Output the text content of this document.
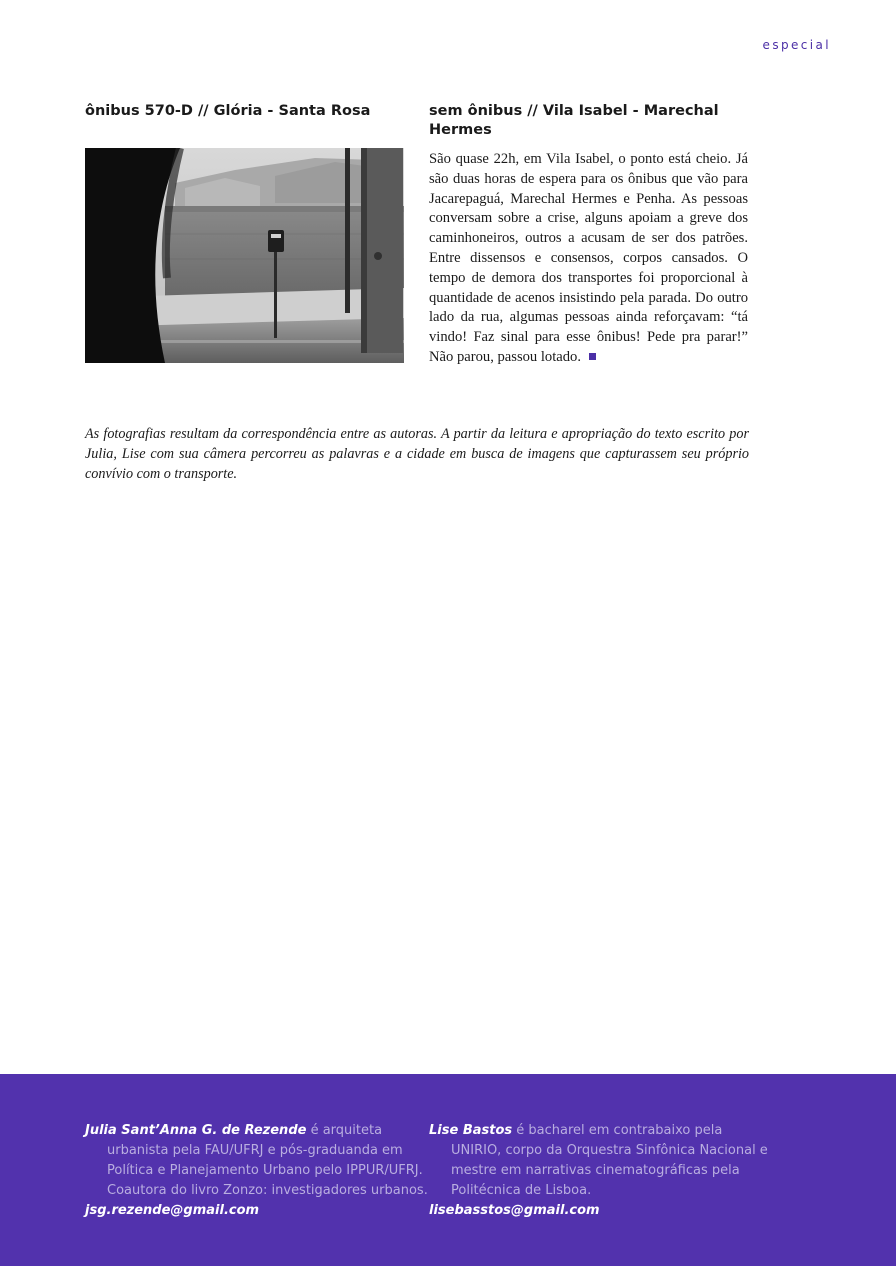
especial
ônibus 570-D // Glória - Santa Rosa	sem ônibus // Vila Isabel - Marechal Hermes

São quase 22h, em Vila Isabel, o ponto está cheio. Já são duas horas de espera para os ônibus que vão para Jacarepaguá, Marechal Hermes e Penha. As pessoas conversam sobre a crise, alguns apoiam a greve dos caminhoneiros, outros a acusam de ser dos patrões. Entre dissensos e consensos, corpos cansados. O tempo de demora dos transportes foi proporcional à quantidade de acenos insistindo pela parada. Do outro lado da rua, algumas pessoas ainda reforçavam: “tá vindo! Faz sinal para esse ônibus! Pede pra parar!” Não parou, passou lotado.

As fotografias resultam da correspondência entre as autoras. A partir da leitura e apropriação do texto escrito por Julia, Lise com sua câmera percorreu as palavras e a cidade em busca de imagens que capturassem seu próprio convívio com o transporte.

Julia Sant’Anna G. de Rezende é arquiteta urbanista pela FAU/UFRJ e pós-graduanda em Política e Planejamento Urbano pelo IPPUR/UFRJ. Coautora do livro Zonzo: investigadores urbanos.
jsg.rezende@gmail.com

Lise Bastos é bacharel em contrabaixo pela UNIRIO, corpo da Orquestra Sinfônica Nacional e mestre em narrativas cinematográficas pela Politécnica de Lisboa.
lisebasstos@gmail.com
